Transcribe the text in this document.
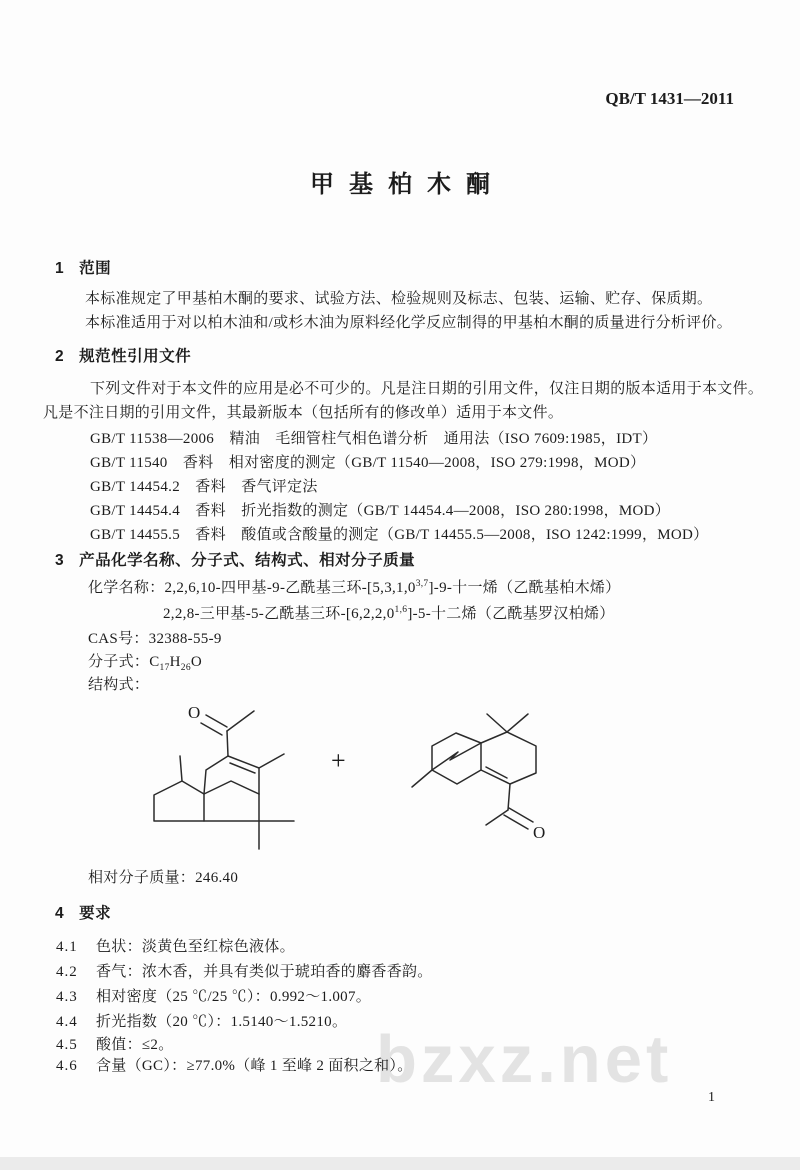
bzxz.net
QB/T 1431—2011
甲基柏木酮
1 范围
本标准规定了甲基柏木酮的要求、试验方法、检验规则及标志、包装、运输、贮存、保质期。
本标准适用于对以柏木油和/或杉木油为原料经化学反应制得的甲基柏木酮的质量进行分析评价。
2 规范性引用文件
下列文件对于本文件的应用是必不可少的。凡是注日期的引用文件，仅注日期的版本适用于本文件。
凡是不注日期的引用文件，其最新版本（包括所有的修改单）适用于本文件。
GB/T 11538—2006　精油　毛细管柱气相色谱分析　通用法（ISO 7609:1985，IDT）
GB/T 11540　香料　相对密度的测定（GB/T 11540—2008，ISO 279:1998，MOD）
GB/T 14454.2　香料　香气评定法
GB/T 14454.4　香料　折光指数的测定（GB/T 14454.4—2008，ISO 280:1998，MOD）
GB/T 14455.5　香料　酸值或含酸量的测定（GB/T 14455.5—2008，ISO 1242:1999，MOD）
3 产品化学名称、分子式、结构式、相对分子质量
化学名称：2,2,6,10-四甲基-9-乙酰基三环-[5,3,1,0$^{3,7}$]-9-十一烯（乙酰基柏木烯）
2,2,8-三甲基-5-乙酰基三环-[6,2,2,0$^{1,6}$]-5-十二烯（乙酰基罗汉柏烯）
CAS号：32388-55-9
分子式：$C_{17}H_{26}O$
结构式：
O
+
O
相对分子质量：246.40
4 要求
4.1 色状：淡黄色至红棕色液体。
4.2 香气：浓木香，并具有类似于琥珀香的麝香香韵。
4.3 相对密度（25 ℃/25 ℃）：0.992～1.007。
4.4 折光指数（20 ℃）：1.5140～1.5210。
4.5 酸值：≤2。
4.6 含量（GC）：≥77.0%（峰 1 至峰 2 面积之和）。
1
